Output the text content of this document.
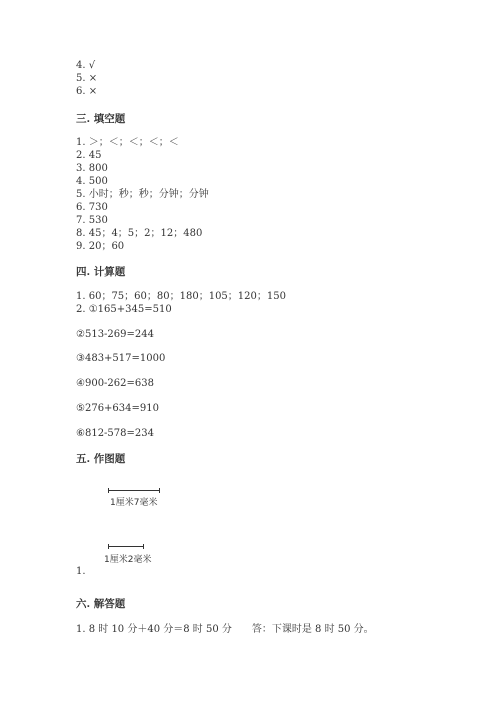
4. √
5. ×
6. ×
三. 填空题
1. ＞；＜；＜；＜；＜
2. 45
3. 800
4. 500
5. 小时；秒；秒；分钟；分钟
6. 730
7. 530
8. 45；4；5；2；12；480
9. 20；60
四. 计算题
1. 60；75；60；80；180；105；120；150
2. ①165+345=510
②513-269=244
③483+517=1000
④900-262=638
⑤276+634=910
⑥812-578=234
五. 作图题
1厘米7毫米
1厘米2毫米
1.
六. 解答题
1. 8 时 10 分＋40 分＝8 时 50 分　　答：下课时是 8 时 50 分。
